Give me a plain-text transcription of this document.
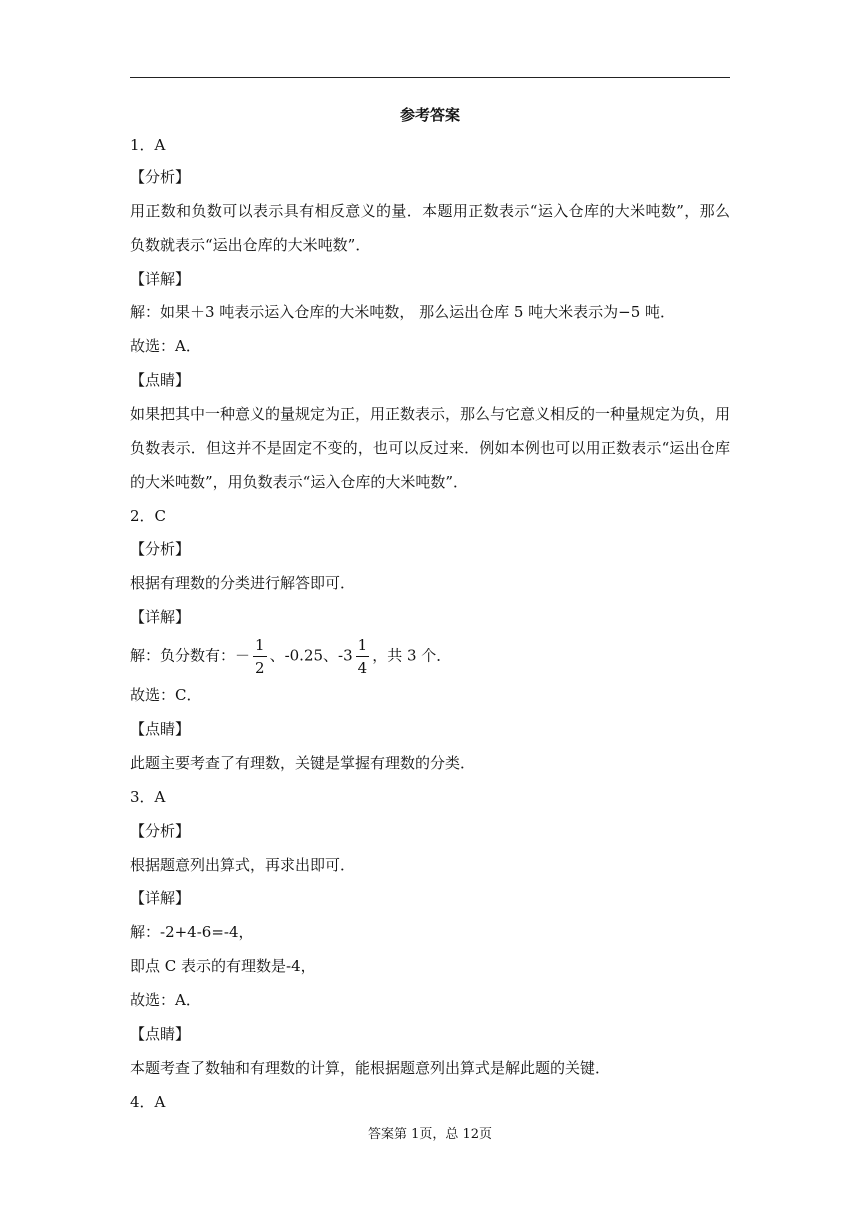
参考答案
1．A
【分析】
用正数和负数可以表示具有相反意义的量．本题用正数表示“运入仓库的大米吨数”，那么
负数就表示“运出仓库的大米吨数”．
【详解】
解：如果＋3 吨表示运入仓库的大米吨数， 那么运出仓库 5 吨大米表示为−5 吨．
故选：A．
【点睛】
如果把其中一种意义的量规定为正，用正数表示，那么与它意义相反的一种量规定为负，用
负数表示．但这并不是固定不变的，也可以反过来．例如本例也可以用正数表示“运出仓库
的大米吨数”，用负数表示“运入仓库的大米吨数”．
2．C
【分析】
根据有理数的分类进行解答即可．
【详解】
解：负分数有：－ $\frac{1}{2}$ 、-0.25、$-3 \frac{1}{4}$ ，共 3 个．
故选：C．
【点睛】
此题主要考查了有理数，关键是掌握有理数的分类．
3．A
【分析】
根据题意列出算式，再求出即可．
【详解】
解：-2+4-6=-4，
即点 C 表示的有理数是-4，
故选：A．
【点睛】
本题考查了数轴和有理数的计算，能根据题意列出算式是解此题的关键．
4．A
答案第 1页，总 12页
